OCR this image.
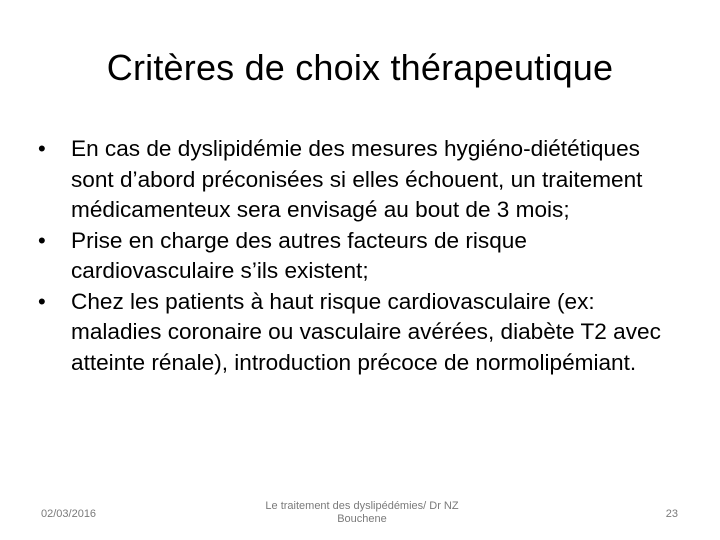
Critères de choix thérapeutique
•	En cas de dyslipidémie des mesures hygiéno-diététiques sont d’abord préconisées si elles échouent, un traitement médicamenteux sera envisagé au bout de 3 mois;
•	Prise en charge des autres facteurs de risque cardiovasculaire s’ils existent;
•	Chez les patients à haut risque cardiovasculaire (ex: maladies coronaire ou vasculaire avérées, diabète T2 avec atteinte rénale), introduction précoce de normolipémiant.
02/03/2016
Le traitement des dyslipédémies/ Dr NZ
Bouchene	23
